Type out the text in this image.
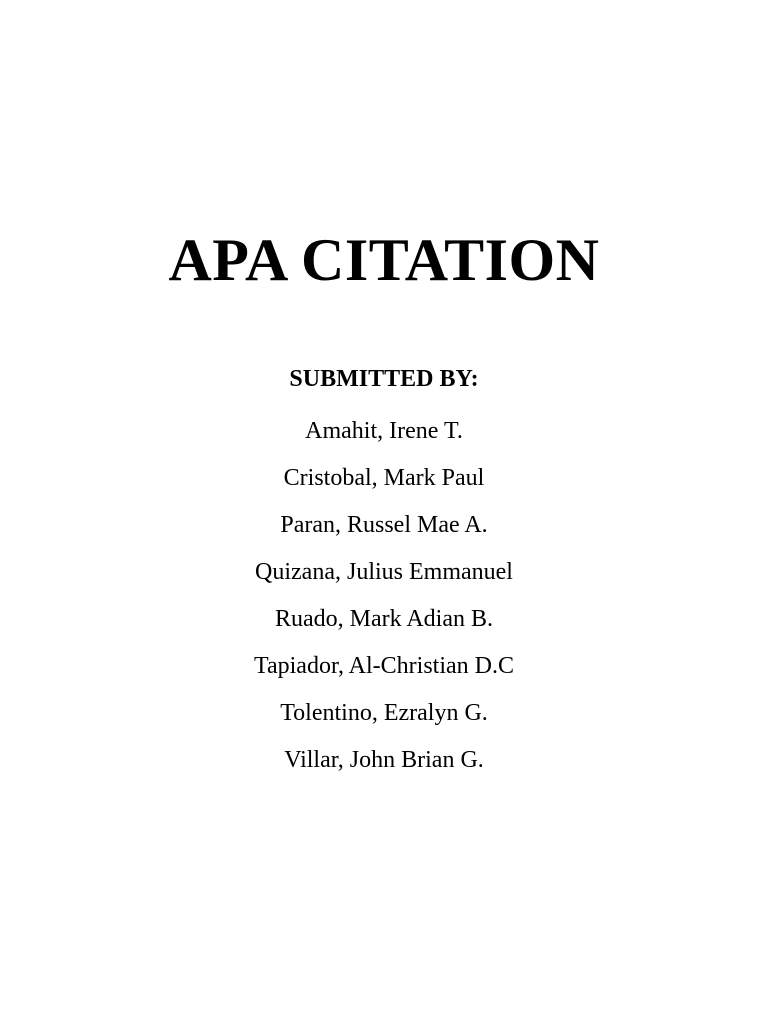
APA CITATION
SUBMITTED BY:
Amahit, Irene T.
Cristobal, Mark Paul
Paran, Russel Mae A.
Quizana, Julius Emmanuel
Ruado, Mark Adian B.
Tapiador, Al-Christian D.C
Tolentino, Ezralyn G.
Villar, John Brian G.
